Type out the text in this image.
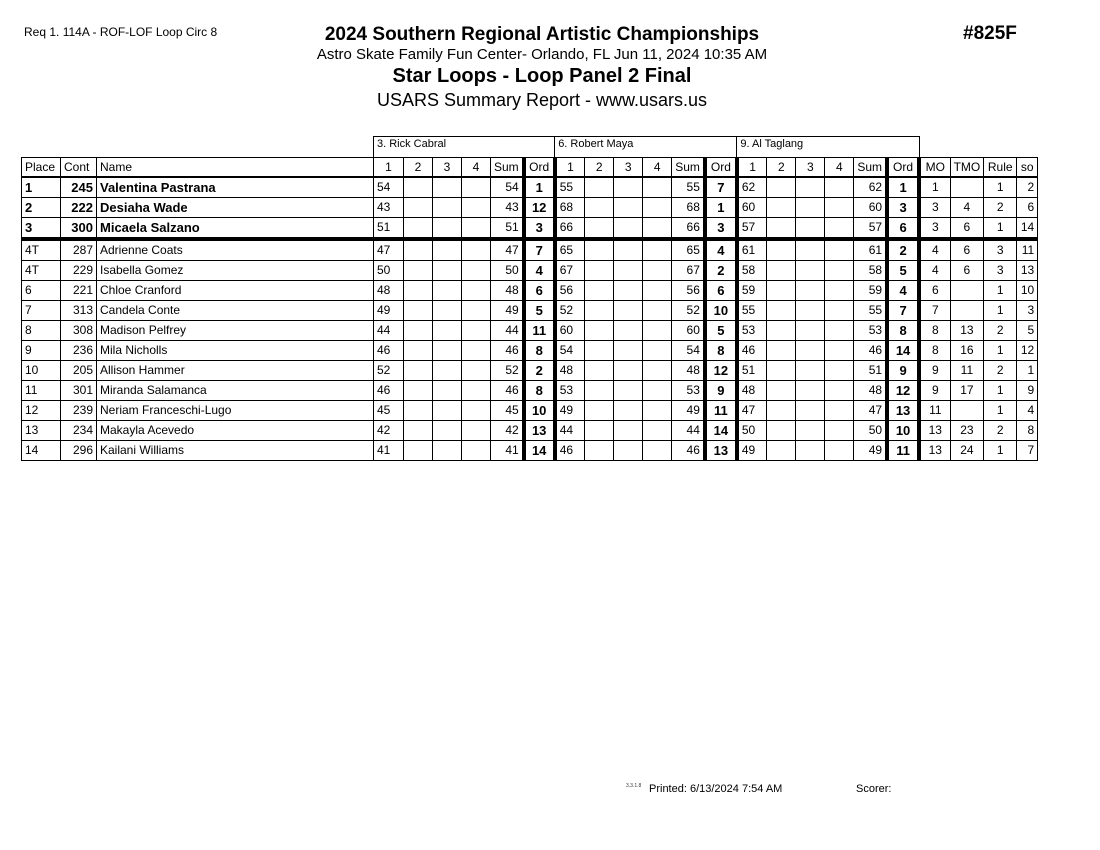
Req 1. 114A - ROF-LOF Loop Circ 8	#825F
2024 Southern Regional Artistic Championships
Astro Skate Family Fun Center- Orlando, FL Jun 11, 2024 10:35 AM
Star Loops - Loop Panel 2 Final
USARS Summary Report - www.usars.us
			3. Rick Cabral						6. Robert Maya						9. Al Taglang									
Place	Cont	Name	1	2	3	4	Sum	Ord	1	2	3	4	Sum	Ord	1	2	3	4	Sum	Ord	MO	TMO	Rule	so
1	245	Valentina Pastrana	54				54	1	55				55	7	62				62	1	1		1	2
2	222	Desiaha Wade	43				43	12	68				68	1	60				60	3	3	4	2	6
3	300	Micaela Salzano	51				51	3	66				66	3	57				57	6	3	6	1	14
4T	287	Adrienne Coats	47				47	7	65				65	4	61				61	2	4	6	3	11
4T	229	Isabella Gomez	50				50	4	67				67	2	58				58	5	4	6	3	13
6	221	Chloe Cranford	48				48	6	56				56	6	59				59	4	6		1	10
7	313	Candela Conte	49				49	5	52				52	10	55				55	7	7		1	3
8	308	Madison Pelfrey	44				44	11	60				60	5	53				53	8	8	13	2	5
9	236	Mila Nicholls	46				46	8	54				54	8	46				46	14	8	16	1	12
10	205	Allison Hammer	52				52	2	48				48	12	51				51	9	9	11	2	1
11	301	Miranda Salamanca	46				46	8	53				53	9	48				48	12	9	17	1	9
12	239	Neriam Franceschi-Lugo	45				45	10	49				49	11	47				47	13	11		1	4
13	234	Makayla Acevedo	42				42	13	44				44	14	50				50	10	13	23	2	8
14	296	Kailani Williams	41				41	14	46				46	13	49				49	11	13	24	1	7
3.3.1.8 Printed: 6/13/2024 7:54 AM	Scorer:
